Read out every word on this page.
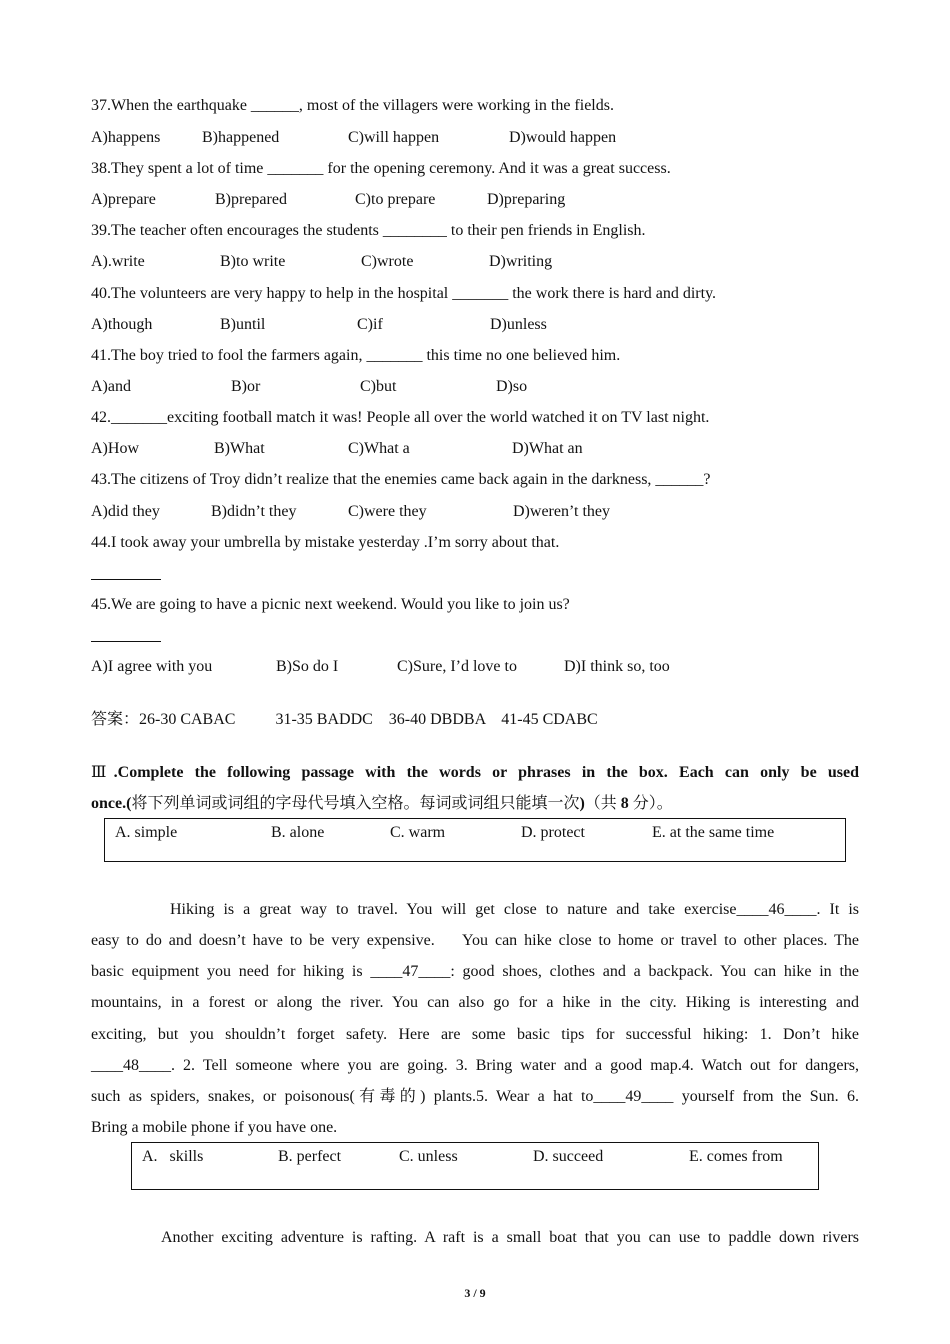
37.When the earthquake ______, most of the villagers were working in the fields.
A)happens	B)happened	C)will happen	D)would happen
38.They spent a lot of time _______ for the opening ceremony. And it was a great success.
A)prepare	B)prepared	C)to prepare	D)preparing
39.The teacher often encourages the students ________ to their pen friends in English.
A).write	B)to write	C)wrote	D)writing
40.The volunteers are very happy to help in the hospital _______ the work there is hard and dirty.
A)though	B)until	C)if	D)unless
41.The boy tried to fool the farmers again, _______ this time no one believed him.
A)and	B)or	C)but	D)so
42._______exciting football match it was! People all over the world watched it on TV last night.
A)How	B)What	C)What a	D)What an
43.The citizens of Troy didn’t realize that the enemies came back again in the darkness, ______?
A)did they	B)didn’t they	C)were they	D)weren’t they
44.I took away your umbrella by mistake yesterday .I’m sorry about that.
45.We are going to have a picnic next weekend. Would you like to join us?
A)I agree with you	B)So do I	C)Sure, I’d love to	D)I think so, too
答案：26-30 CABAC          31-35 BADDC    36-40 DBDBA    41-45 CDABC
Ⅲ.Complete the following passage with the words or phrases in the box. Each can only be used
once.(将下列单词或词组的字母代号填入空格。每词或词组只能填一次)（共 8 分）。
A. simple	B. alone	C. warm	D. protect	E. at the same time
Hiking is a great way to travel. You will get close to nature and take exercise____46____. It is
easy to do and doesn’t have to be very expensive.    You can hike close to home or travel to other places. The
basic equipment you need for hiking is ____47____: good shoes, clothes and a backpack. You can hike in the
mountains, in a forest or along the river. You can also go for a hike in the city. Hiking is interesting and
exciting, but you shouldn’t forget safety. Here are some basic tips for successful hiking: 1. Don’t hike
____48____. 2. Tell someone where you are going. 3. Bring water and a good map.4. Watch out for dangers,
such as spiders, snakes, or poisonous(有毒的) plants.5. Wear a hat to____49____ yourself from the Sun. 6.
Bring a mobile phone if you have one.
A.   skills	B. perfect	C. unless	D. succeed	E. comes from
Another exciting adventure is rafting. A raft is a small boat that you can use to paddle down rivers
3 / 9
